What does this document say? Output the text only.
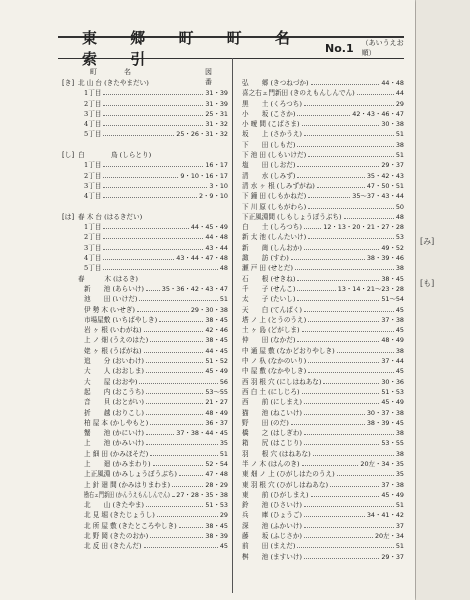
東 郷 町 町 名 索 引
No.1 （あいうえお順）
町	名	図番
[き] 北 山 台 (きたやまだい)
1丁目	31・39
2丁目	31・39
3丁目	25・31
4丁目	31・32
5丁目	25・26・31・32
[し] 白　　　　鳥 (しらとり)
1丁目	16・17
2丁目	9・10・16・17
3丁目	3・10
4丁目	2・9・10
[は] 春 木 台 (はるきだい)
1丁目	44・45・49
2丁目	44・48
3丁目	43・44
4丁目	43・44・47・48
5丁目	48
春　　　木 (はるき)
新　　池 (あらいけ)	35・36・42・43・47
池　　田 (いけだ)	51
伊 勢 木 (いせぎ)	29・30・38
市場屋敷 (いちばやしき)	38・45
岩 ヶ 根 (いわがね)	42・46
上 ノ 畑 (うえのはた)	38・45
姥 ヶ 根 (うばがね)	44・45
追　　分 (おいわけ)	51・52
大　　人 (おおしま)	45・49
大　　屋 (おおや)	56
起　　内 (おこうち)	53〜55
音　　貝 (おとがい)	21・27
折　　越 (おりこし)	48・49
柏 屋 本 (かしやもと)	36・37
蟹　　池 (かにいけ)	37・38・44・45
上　　池 (かみいけ)	35
上 細 田 (かみほそだ)	51
上　　廻 (かみまわり)	52・54
上正風淵 (かみしょうぼうぶち)	47・48
上 針 廻 間 (かみはりまわま)	28・29
勘右ェ門新田 (かんうえもんしんでん) 27・28・35・38
北　　山 (きたやま)	51・53
北 見 堀 (きたじょうし)	29
北 所 屋 敷 (きたところやしき)	38・45
北 野 岡 (きたのおか)	38・39
北 反 田 (きたんだ)	45
弘　　郷 (きつねづか)	44・48
喜之右ェ門新田 (きのえもんしんでん)	44
黒　　土 (くろつち)	29
小　　坂 (こさか)	42・43・46・47
小 曖 間 (こばさま)	30・38
坂　　上 (さかうえ)	51
下　　田 (しもだ)	38
下 池 田 (しもいけだ)	51
塩　　田 (しおだ)	29・37
清　　水 (しみず)	35・42・43
清 水 ヶ 根 (しみずがね)	47・50・51
下 鐘 田 (しもかねだ)	35〜37・43・44
下 川 原 (しもがわら)	50
下正風淵間 (しもしょうぼうぶち)	48
白　　土 (しろつち)	12・13・20・21・27・28
新 太 池 (しんたいけ)	53
新　　崗 (しんおか)	49・52
諏　　訪 (すわ)	38・39・46
瀬 戸 田 (せとだ)	38
石　　根 (せきね)	38・45
千　　子 (せんこ)	13・14・21〜23・28
太　　子 (たいし)	51〜54
天　　白 (てんぱく)	45
塔 ノ 上 (とうのうえ)	37・38
土 ヶ 島 (どがしま)	45
仲　　田 (なかだ)	48・49
中 通 屋 敷 (なかどおりやしき)	38
中 ノ 杁 (なかのいり)	37・44
中 屋 敷 (なかやしき)	45
西 羽 根 穴 (にしはねあな)	30・36
西 白 土 (にしじろ)	51・53
西　　前 (にしまえ)	45・49
猫　　池 (ねこいけ)	30・37・38
野　　田 (のだ)	38・39・45
橋　　之 (はしぎわ)	38
箱　　尻 (はこじり)	53・55
羽　　根 穴 (はねあな)	38
半 ノ 木 (はんのき)	20左・34・35
東 畑 ノ 上 (ひがしはたのうえ)	35
東 羽 根 穴 (ひがしはねあな)	37・38
東　　前 (ひがしまえ)	45・49
鈴　　池 (ひさいけ)	51
兵　　庫 (ひょうご)	34・41・42
深　　池 (ふかいけ)	37
藤　　坂 (ふじさか)	20左・34
前　　田 (まえだ)	51
桝　　池 (ますいけ)	29・37
[み]
[も]
